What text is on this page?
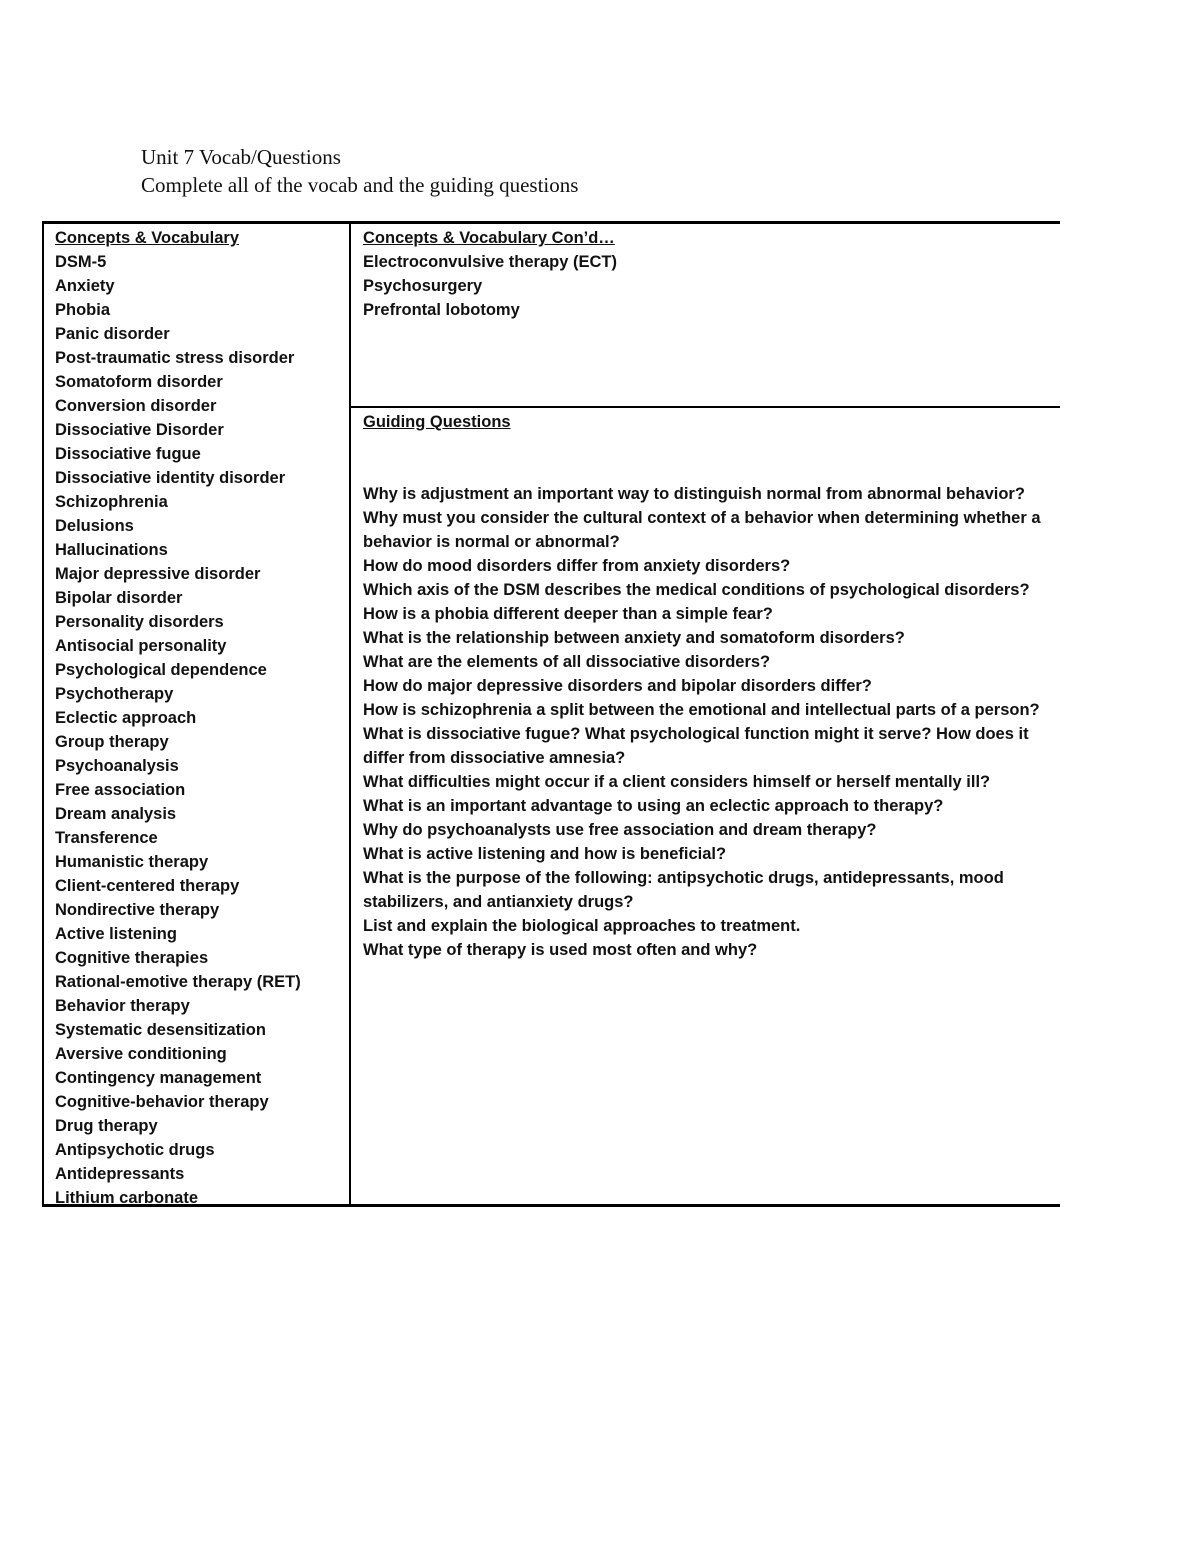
Unit 7 Vocab/Questions
Complete all of the vocab and the guiding questions
Concepts & Vocabulary
DSM-5
Anxiety
Phobia
Panic disorder
Post-traumatic stress disorder
Somatoform disorder
Conversion disorder
Dissociative Disorder
Dissociative fugue
Dissociative identity disorder
Schizophrenia
Delusions
Hallucinations
Major depressive disorder
Bipolar disorder
Personality disorders
Antisocial personality
Psychological dependence
Psychotherapy
Eclectic approach
Group therapy
Psychoanalysis
Free association
Dream analysis
Transference
Humanistic therapy
Client-centered therapy
Nondirective therapy
Active listening
Cognitive therapies
Rational-emotive therapy (RET)
Behavior therapy
Systematic desensitization
Aversive conditioning
Contingency management
Cognitive-behavior therapy
Drug therapy
Antipsychotic drugs
Antidepressants
Lithium carbonate
Concepts & Vocabulary Con’d…
Electroconvulsive therapy (ECT)
Psychosurgery
Prefrontal lobotomy
Guiding Questions
Why is adjustment an important way to distinguish normal from abnormal behavior?
Why must you consider the cultural context of a behavior when determining whether a behavior is normal or abnormal?
How do mood disorders differ from anxiety disorders?
Which axis of the DSM describes the medical conditions of psychological disorders?
How is a phobia different deeper than a simple fear?
What is the relationship between anxiety and somatoform disorders?
What are the elements of all dissociative disorders?
How do major depressive disorders and bipolar disorders differ?
How is schizophrenia a split between the emotional and intellectual parts of a person?
What is dissociative fugue? What psychological function might it serve? How does it differ from dissociative amnesia?
What difficulties might occur if a client considers himself or herself mentally ill?
What is an important advantage to using an eclectic approach to therapy?
Why do psychoanalysts use free association and dream therapy?
What is active listening and how is beneficial?
What is the purpose of the following: antipsychotic drugs, antidepressants, mood stabilizers, and antianxiety drugs?
List and explain the biological approaches to treatment.
What type of therapy is used most often and why?
